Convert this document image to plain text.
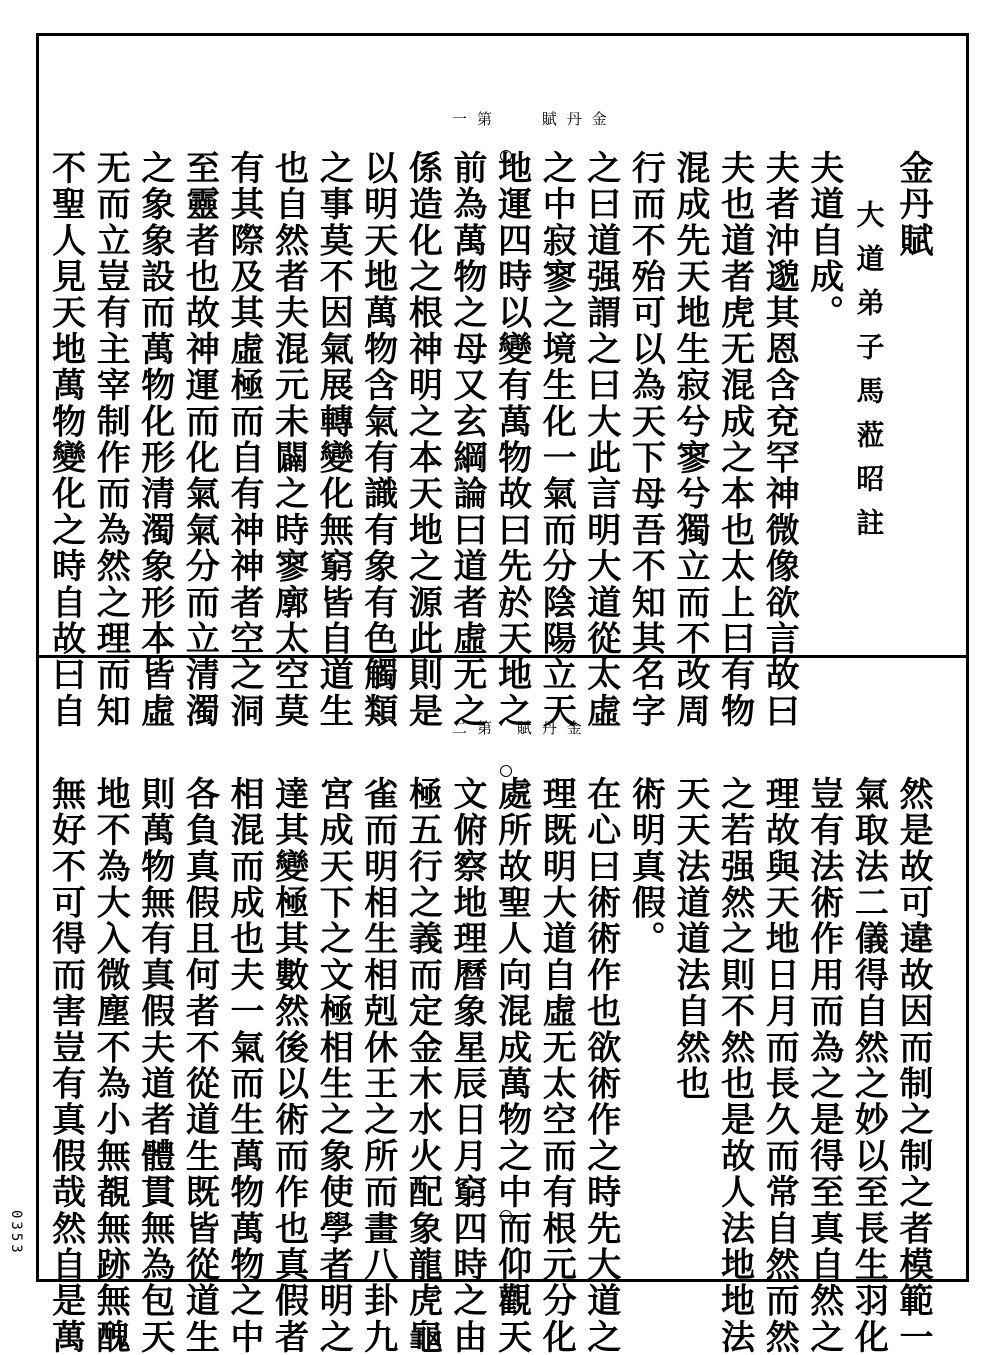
一第　 賦丹金
金丹賦
大道弟子馬蒞昭註
夫道自成。
夫者沖邈其恩含兗罕神微像欲言故曰
夫也道者虎无混成之本也太上曰有物
混成先天地生寂兮寥兮獨立而不改周
行而不殆可以為天下母吾不知其名字
之曰道强謂之曰大此言明大道從太虛
之中寂寥之境生化一氣而分陰陽立天
地運四時以變有萬物故曰先於天地之
前為萬物之母又玄綱論曰道者虛无之
係造化之根神明之本天地之源此則是
以明天地萬物含氣有識有象有色觸類
之事莫不因氣展轉變化無窮皆自道生
也自然者夫混元未闢之時寥廓太空莫
有其際及其虛極而自有神神者空之洞
至靈者也故神運而化氣氣分而立清濁
之象象設而萬物化形清濁象形本皆虛
无而立豈有主宰制作而為然之理而知
不聖人見天地萬物變化之時自故曰自	二第 賦丹金
然是故可違故因而制之制之者模範一
氣取法二儀得自然之妙以至長生羽化
豈有法術作用而為之是得至真自然之
理故與天地日月而長久而常自然而然
之若强然之則不然也是故人法地地法
天天法道道法自然也
術明真假。
在心曰術術作也欲術作之時先大道之
理既明大道自虛无太空而有根元分化
處所故聖人向混成萬物之中而仰觀天
文俯察地理曆象星辰日月窮四時之由
極五行之義而定金木水火配象龍虎龜
雀而明相生相剋休王之所而畫八卦九
宮成天下之文極相生之象使學者明之
達其變極其數然後以術而作也真假者
相混而成也夫一氣而生萬物萬物之中
各負真假且何者不從道生既皆從道生
則萬物無有真假夫道者體貫無為包天
地不為大入微塵不為小無覩無跡無醜
無好不可得而害豈有真假哉然自是萬
0353
